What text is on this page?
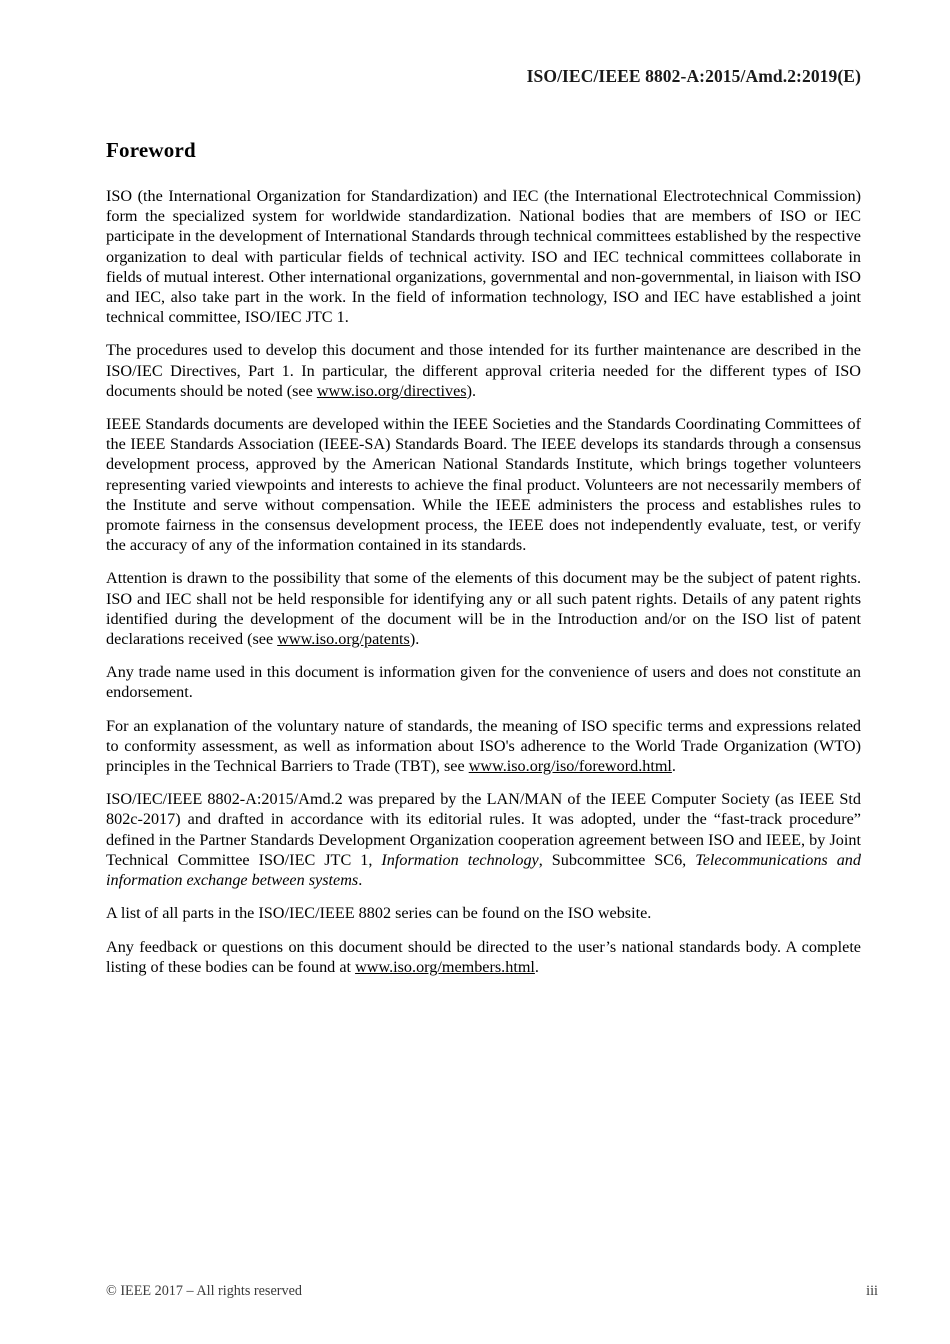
ISO/IEC/IEEE 8802-A:2015/Amd.2:2019(E)
Foreword

ISO (the International Organization for Standardization) and IEC (the International Electrotechnical Commission) form the specialized system for worldwide standardization. National bodies that are members of ISO or IEC participate in the development of International Standards through technical committees established by the respective organization to deal with particular fields of technical activity. ISO and IEC technical committees collaborate in fields of mutual interest. Other international organizations, governmental and non-governmental, in liaison with ISO and IEC, also take part in the work. In the field of information technology, ISO and IEC have established a joint technical committee, ISO/IEC JTC 1.

The procedures used to develop this document and those intended for its further maintenance are described in the ISO/IEC Directives, Part 1. In particular, the different approval criteria needed for the different types of ISO documents should be noted (see www.iso.org/directives).

IEEE Standards documents are developed within the IEEE Societies and the Standards Coordinating Committees of the IEEE Standards Association (IEEE-SA) Standards Board. The IEEE develops its standards through a consensus development process, approved by the American National Standards Institute, which brings together volunteers representing varied viewpoints and interests to achieve the final product. Volunteers are not necessarily members of the Institute and serve without compensation. While the IEEE administers the process and establishes rules to promote fairness in the consensus development process, the IEEE does not independently evaluate, test, or verify the accuracy of any of the information contained in its standards.

Attention is drawn to the possibility that some of the elements of this document may be the subject of patent rights. ISO and IEC shall not be held responsible for identifying any or all such patent rights. Details of any patent rights identified during the development of the document will be in the Introduction and/or on the ISO list of patent declarations received (see www.iso.org/patents).

Any trade name used in this document is information given for the convenience of users and does not constitute an endorsement.

For an explanation of the voluntary nature of standards, the meaning of ISO specific terms and expressions related to conformity assessment, as well as information about ISO's adherence to the World Trade Organization (WTO) principles in the Technical Barriers to Trade (TBT), see www.iso.org/iso/foreword.html.

ISO/IEC/IEEE 8802-A:2015/Amd.2 was prepared by the LAN/MAN of the IEEE Computer Society (as IEEE Std 802c-2017) and drafted in accordance with its editorial rules. It was adopted, under the “fast-track procedure” defined in the Partner Standards Development Organization cooperation agreement between ISO and IEEE, by Joint Technical Committee ISO/IEC JTC 1, Information technology, Subcommittee SC6, Telecommunications and information exchange between systems.

A list of all parts in the ISO/IEC/IEEE 8802 series can be found on the ISO website.

Any feedback or questions on this document should be directed to the user’s national standards body. A complete listing of these bodies can be found at www.iso.org/members.html.

© IEEE 2017 – All rights reserved	iii
